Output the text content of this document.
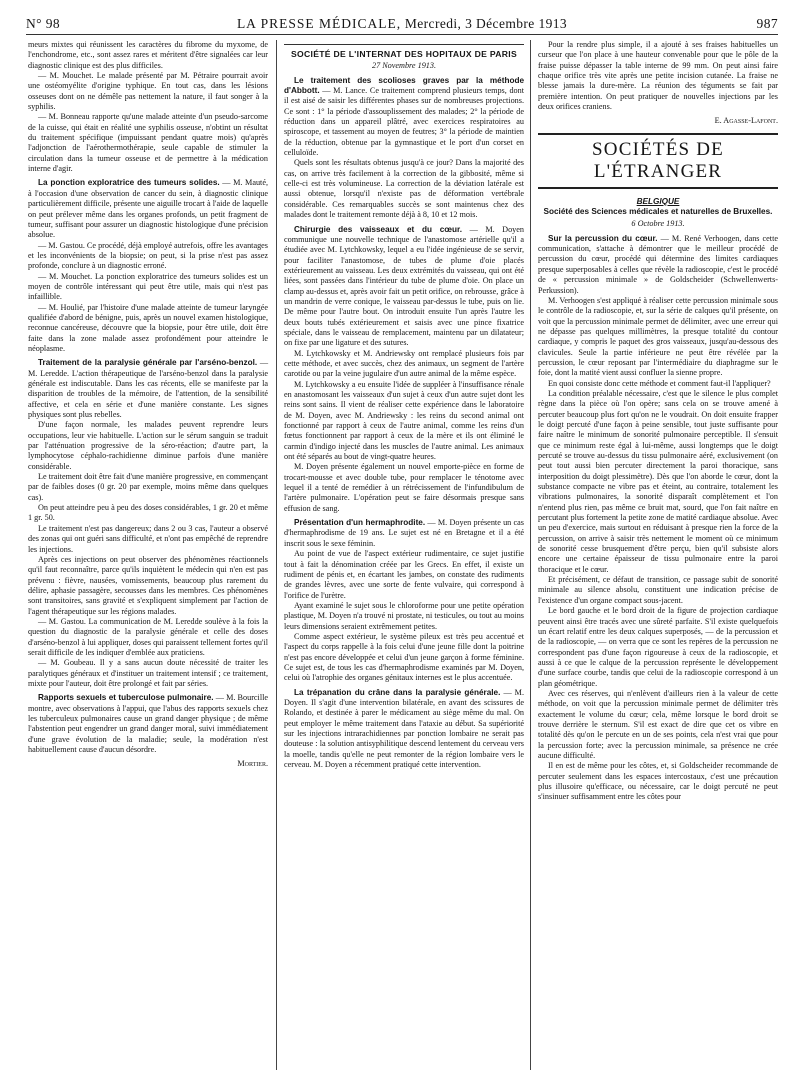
N° 98	LA PRESSE MÉDICALE, Mercredi, 3 Décembre 1913	987

meurs mixtes qui réunissent les caractères du fibrome du myxome, de l'enchondrome, etc., sont assez rares et méritent d'être signalées car leur diagnostic clinique est des plus difficiles.

— M. Mouchet. Le malade présenté par M. Pétraire pourrait avoir une ostéomyélite d'origine typhique. En tout cas, dans les lésions osseuses dont on ne démêle pas nettement la nature, il faut songer à la syphilis.

— M. Bonneau rapporte qu'une malade atteinte d'un pseudo-sarcome de la cuisse, qui était en réalité une syphilis osseuse, n'obtint un résultat du traitement spécifique (impuissant pendant quatre mois) qu'après l'adjonction de l'aérothermothérapie, seule capable de stimuler la circulation dans la tumeur osseuse et de permettre à la médication interne d'agir.

La ponction exploratrice des tumeurs solides. — M. Mauté, à l'occasion d'une observation de cancer du sein, à diagnostic clinique particulièrement difficile, présente une aiguille trocart à l'aide de laquelle on peut prélever même dans les organes profonds, un petit fragment de tumeur, suffisant pour assurer un diagnostic histologique d'une précision absolue.

— M. Gastou. Ce procédé, déjà employé autrefois, offre les avantages et les inconvénients de la biopsie; on peut, si la prise n'est pas assez profonde, conclure à un diagnostic erroné.

— M. Mouchet. La ponction exploratrice des tumeurs solides est un moyen de contrôle intéressant qui peut être utile, mais qui n'est pas infaillible.

— M. Houlié, par l'histoire d'une malade atteinte de tumeur laryngée qualifiée d'abord de bénigne, puis, après un nouvel examen histologique, reconnue cancéreuse, découvre que la biopsie, pour être utile, doit être faite dans la zone malade assez profondément pour atteindre le néoplasme.

Traitement de la paralysie générale par l'arséno-benzol. — M. Leredde. L'action thérapeutique de l'arséno-benzol dans la paralysie générale est indiscutable. Dans les cas récents, elle se manifeste par la disparition de troubles de la mémoire, de l'attention, de la sensibilité affective, et cela en série et d'une manière constante. Les signes physiques sont plus rebelles.

D'une façon normale, les malades peuvent reprendre leurs occupations, leur vie habituelle. L'action sur le sérum sanguin se traduit par l'atténuation progressive de la séro-réaction; d'autre part, la lymphocytose céphalo-rachidienne diminue parfois d'une manière considérable.

Le traitement doit être fait d'une manière progressive, en commençant par de faibles doses (0 gr. 20 par exemple, moins même dans quelques cas).

On peut atteindre peu à peu des doses considérables, 1 gr. 20 et même 1 gr. 50.

Le traitement n'est pas dangereux; dans 2 ou 3 cas, l'auteur a observé des zonas qui ont guéri sans difficulté, et n'ont pas empêché de reprendre les injections.

Après ces injections on peut observer des phénomènes réactionnels qu'il faut reconnaître, parce qu'ils inquiètent le médecin qui n'en est pas prévenu : fièvre, nausées, vomissements, beaucoup plus rarement du délire, aphasie passagère, secousses dans les membres. Ces phénomènes sont transitoires, sans gravité et s'expliquent simplement par l'action de l'agent thérapeutique sur les régions malades.

— M. Gastou. La communication de M. Leredde soulève à la fois la question du diagnostic de la paralysie générale et celle des doses d'arséno-benzol à lui appliquer, doses qui paraissent tellement fortes qu'il serait difficile de les indiquer d'emblée aux praticiens.

— M. Goubeau. Il y a sans aucun doute nécessité de traiter les paralytiques généraux et d'instituer un traitement intensif ; ce traitement, mixte pour l'auteur, doit être prolongé et fait par séries.

Rapports sexuels et tuberculose pulmonaire. — M. Bourcille montre, avec observations à l'appui, que l'abus des rapports sexuels chez les tuberculeux pulmonaires cause un grand danger physique ; de même l'abstention peut engendrer un grand danger moral, suivi immédiatement d'une grave évolution de la maladie; seule, la modération n'est habituellement cause d'aucun désordre.

Mortier.
SOCIÉTÉ DE L'INTERNAT DES HOPITAUX DE PARIS
27 Novembre 1913.

Le traitement des scolioses graves par la méthode d'Abbott. — M. Lance. Ce traitement comprend plusieurs temps, dont il est aisé de saisir les différentes phases sur de nombreuses projections. Ce sont : 1° la période d'assouplissement des malades; 2° la période de réduction dans un appareil plâtré, avec exercices respiratoires au spiroscope, et tassement au moyen de feutres; 3° la période de maintien de la réduction, obtenue par la gymnastique et le port d'un corset en celluloïde.

Quels sont les résultats obtenus jusqu'à ce jour? Dans la majorité des cas, on arrive très facilement à la correction de la gibbosité, même si celle-ci est très volumineuse. La correction de la déviation latérale est aussi obtenue, lorsqu'il n'existe pas de déformation vertébrale considérable. Ces remarquables succès se sont maintenus chez des malades dont le traitement remonte déjà à 8, 10 et 12 mois.

Chirurgie des vaisseaux et du cœur. — M. Doyen communique une nouvelle technique de l'anastomose artérielle qu'il a étudiée avec M. Lytchkowsky, lequel a eu l'idée ingénieuse de se servir, pour faciliter l'anastomose, de tubes de plume d'oie placés extérieurement au vaisseau. Les deux extrémités du vaisseau, qui ont été liées, sont passées dans l'intérieur du tube de plume d'oie. On place un clamp au-dessus et, après avoir fait un petit orifice, on rebrousse, grâce à un mandrin de verre conique, le vaisseau par-dessus le tube, puis on lie. De même pour l'autre bout. On introduit ensuite l'un après l'autre les deux bouts tubés extérieurement et saisis avec une pince fixatrice spéciale, dans le vaisseau de remplacement, maintenu par un dilatateur; on fixe par une ligature et des sutures.

M. Lytchkowsky et M. Andriewsky ont remplacé plusieurs fois par cette méthode, et avec succès, chez des animaux, un segment de l'artère carotide ou par la veine jugulaire d'un autre animal de la même espèce.

M. Lytchkowsky a eu ensuite l'idée de suppléer à l'insuffisance rénale en anastomosant les vaisseaux d'un sujet à ceux d'un autre sujet dont les reins sont sains. Il vient de réaliser cette expérience dans le laboratoire de M. Doyen, avec M. Andriewsky : les reins du second animal ont fonctionné par rapport à ceux de l'autre animal, comme les reins d'un fœtus fonctionnent par rapport à ceux de la mère et ils ont éliminé le carmin d'indigo injecté dans les muscles de l'autre animal. Les animaux ont été séparés au bout de vingt-quatre heures.

M. Doyen présente également un nouvel emporte-pièce en forme de trocart-mousse et avec double tube, pour remplacer le ténotome avec lequel il a tenté de remédier à un rétrécissement de l'infundibulum de l'artère pulmonaire. L'opération peut se faire désormais presque sans effusion de sang.

Présentation d'un hermaphrodite. — M. Doyen présente un cas d'hermaphrodisme de 19 ans. Le sujet est né en Bretagne et il a été inscrit sous le sexe féminin.

Au point de vue de l'aspect extérieur rudimentaire, ce sujet justifie tout à fait la dénomination créée par les Grecs. En effet, il existe un rudiment de pénis et, en écartant les jambes, on constate des rudiments de grandes lèvres, avec une sorte de fente vulvaire, qui correspond à l'orifice de l'urètre.

Ayant examiné le sujet sous le chloroforme pour une petite opération plastique, M. Doyen n'a trouvé ni prostate, ni testicules, ou tout au moins leurs dimensions seraient extrêmement petites.

Comme aspect extérieur, le système pileux est très peu accentué et l'aspect du corps rappelle à la fois celui d'une jeune fille dont la poitrine n'est pas encore développée et celui d'un jeune garçon à forme féminine. Ce sujet est, de tous les cas d'hermaphrodisme examinés par M. Doyen, celui où l'atrophie des organes génitaux internes est le plus accentuée.

La trépanation du crâne dans la paralysie générale. — M. Doyen. Il s'agit d'une intervention bilatérale, en avant des scissures de Rolando, et destinée à parer le médicament au siège même du mal. On peut employer le même traitement dans l'ataxie au début. Sa supériorité sur les injections intrarachidiennes par ponction lombaire ne serait pas douteuse : la solution antisyphilitique descend lentement du cerveau vers la moelle, tandis qu'elle ne peut remonter de la région lombaire vers le cerveau. M. Doyen a récemment pratiqué cette intervention.

Pour la rendre plus simple, il a ajouté à ses fraises habituelles un curseur que l'on place à une hauteur convenable pour que le pôle de la fraise puisse dépasser la table interne de 99 mm. On peut ainsi faire chaque orifice très vite après une petite incision cutanée. La fraise ne blesse jamais la dure-mère. La réunion des téguments se fait par première intention. On peut pratiquer de nouvelles injections par les deux orifices craniens.

E. Agasse-Lafont.
SOCIÉTÉS DE L'ÉTRANGER
BELGIQUE
Société des Sciences médicales et naturelles de Bruxelles.
6 Octobre 1913.

Sur la percussion du cœur. — M. René Verhoogen, dans cette communication, s'attache à démontrer que le meilleur procédé de percussion du cœur, procédé qui détermine des limites cardiaques presque superposables à celles que révèle la radioscopie, c'est le procédé de « percussion minimale » de Goldscheider (Schwellenwerts-Perkussion).

M. Verhoogen s'est appliqué à réaliser cette percussion minimale sous le contrôle de la radioscopie, et, sur la série de calques qu'il présente, on voit que la percussion minimale permet de délimiter, avec une erreur qui ne dépasse pas quelques millimètres, la presque totalité du contour cardiaque, y compris le paquet des gros vaisseaux, jusqu'au-dessous des clavicules. Seule la partie inférieure ne peut être révélée par la percussion, le cœur reposant par l'intermédiaire du diaphragme sur le foie, dont la matité vient aussi confluer la sienne propre.

En quoi consiste donc cette méthode et comment faut-il l'appliquer?

La condition préalable nécessaire, c'est que le silence le plus complet règne dans la pièce où l'on opère; sans cela on se trouve amené à percuter beaucoup plus fort qu'on ne le voudrait. On doit ensuite frapper le doigt percuté d'une façon à peine sensible, tout juste suffisante pour faire naître le minimum de sonorité pulmonaire perceptible. Il s'ensuit que ce minimum reste égal à lui-même, aussi longtemps que le doigt percuté se trouve au-dessus du tissu pulmonaire aéré, exclusivement (on peut tout aussi bien percuter directement la paroi thoracique, sans interposition du doigt plessimètre). Dès que l'on aborde le cœur, dont la substance compacte ne vibre pas et éteint, au contraire, totalement les vibrations pulmonaires, la sonorité disparaît complètement et l'on n'entend plus rien, pas même ce bruit mat, sourd, que l'on fait naître en percutant plus fortement la petite zone de matité cardiaque absolue. Avec un peu d'exercice, mais surtout en réduisant à presque rien la force de la percussion, on arrive à saisir très nettement le moment où ce minimum de sonorité cesse brusquement d'être perçu, bien qu'il subsiste alors encore une certaine épaisseur de tissu pulmonaire entre la paroi thoracique et le cœur.

Et précisément, ce défaut de transition, ce passage subit de sonorité minimale au silence absolu, constituent une indication précise de l'existence d'un organe compact sous-jacent.

Le bord gauche et le bord droit de la figure de projection cardiaque peuvent ainsi être tracés avec une sûreté parfaite. S'il existe quelquefois un écart relatif entre les deux calques superposés, — de la percussion et de la radioscopie, — on verra que ce sont les repères de la percussion ne correspondent pas d'une façon rigoureuse à ceux de la radioscopie, et aussi à ce que le calque de la percussion représente le développement d'une surface courbe, tandis que celui de la radioscopie correspond à un plan géométrique.

Avec ces réserves, qui n'enlèvent d'ailleurs rien à la valeur de cette méthode, on voit que la percussion minimale permet de délimiter très exactement le volume du cœur; cela, même lorsque le bord droit se trouve derrière le sternum. S'il est exact de dire que cet os vibre en totalité dès qu'on le percute en un de ses points, cela n'est vrai que pour la percussion forte; avec la percussion minimale, sa présence ne crée aucune difficulté.

Il en est de même pour les côtes, et, si Goldscheider recommande de percuter seulement dans les espaces intercostaux, c'est une précaution plus illusoire qu'efficace, ou nécessaire, car le doigt percuté ne peut s'insinuer suffisamment entre les côtes pour
